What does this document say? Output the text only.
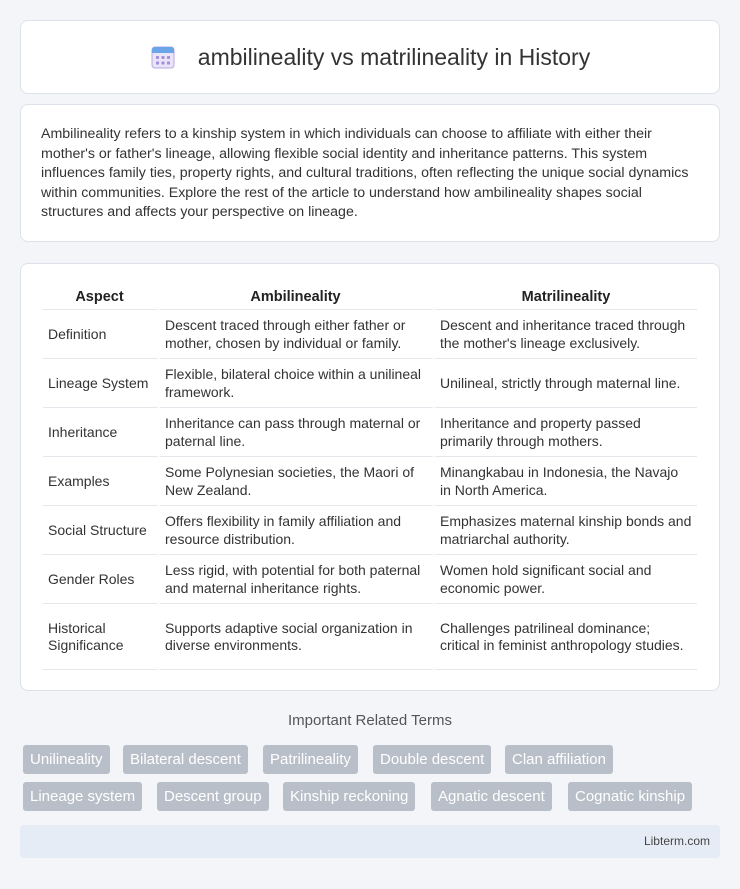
ambilineality vs matrilineality in History

Ambilineality refers to a kinship system in which individuals can choose to affiliate with either their mother's or father's lineage, allowing flexible social identity and inheritance patterns. This system influences family ties, property rights, and cultural traditions, often reflecting the unique social dynamics within communities. Explore the rest of the article to understand how ambilineality shapes social structures and affects your perspective on lineage.

Aspect	Ambilineality	Matrilineality
Definition	Descent traced through either father or mother, chosen by individual or family.	Descent and inheritance traced through the mother's lineage exclusively.
Lineage System	Flexible, bilateral choice within a unilineal framework.	Unilineal, strictly through maternal line.
Inheritance	Inheritance can pass through maternal or paternal line.	Inheritance and property passed primarily through mothers.
Examples	Some Polynesian societies, the Maori of New Zealand.	Minangkabau in Indonesia, the Navajo in North America.
Social Structure	Offers flexibility in family affiliation and resource distribution.	Emphasizes maternal kinship bonds and matriarchal authority.
Gender Roles	Less rigid, with potential for both paternal and maternal inheritance rights.	Women hold significant social and economic power.
Historical Significance	Supports adaptive social organization in diverse environments.	Challenges patrilineal dominance; critical in feminist anthropology studies.
Important Related Terms
Unilineality	Bilateral descent	Patrilineality	Double descent	Clan affiliation
Lineage system	Descent group	Kinship reckoning	Agnatic descent	Cognatic kinship
Libterm.com
